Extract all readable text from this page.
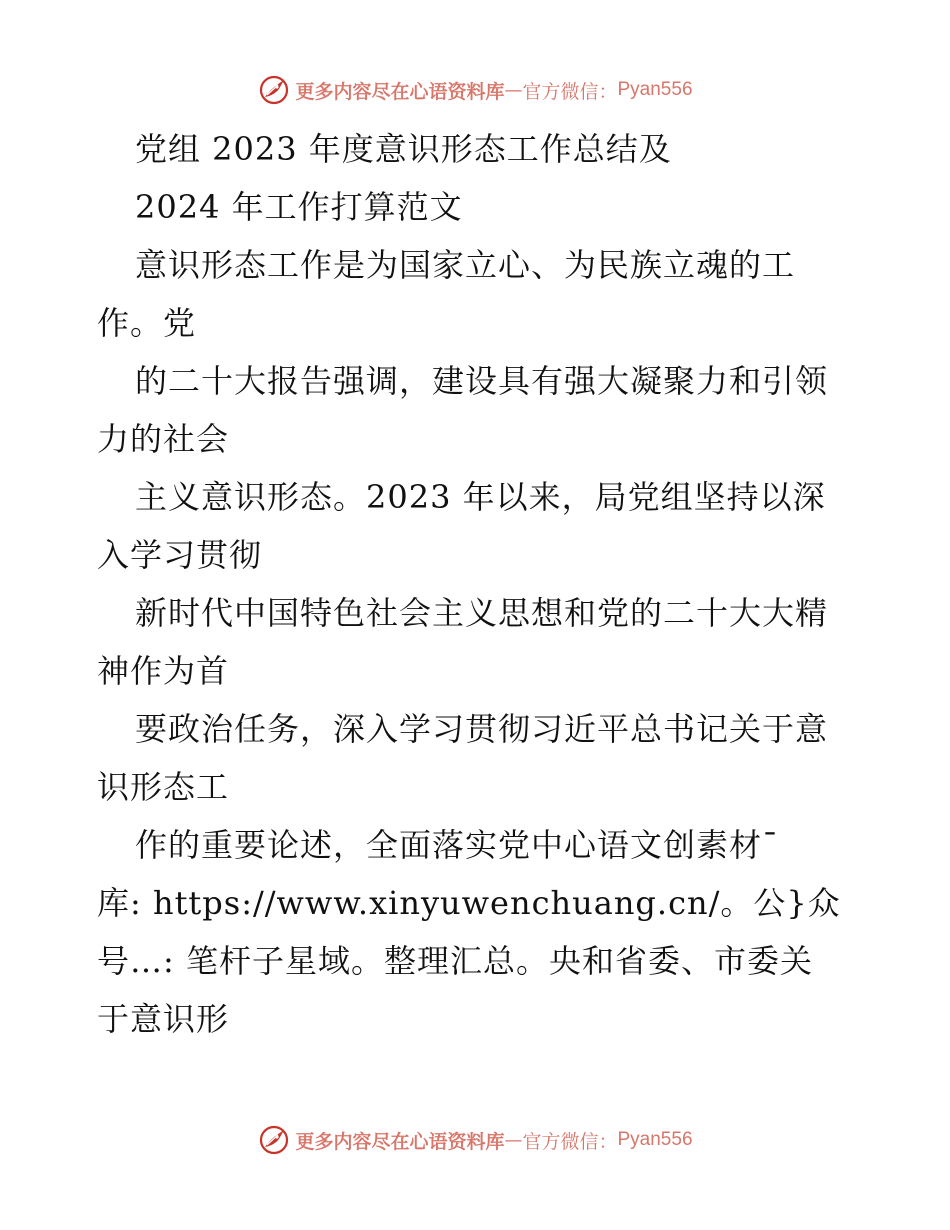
更多内容尽在心语资料库 — 官方微信： Pyan556
党组 2023 年度意识形态工作总结及
2024 年工作打算范文
意识形态工作是为国家立心、为民族立魂的工
作。党
的二十大报告强调，建设具有强大凝聚力和引领
力的社会
主义意识形态。2023 年以来，局党组坚持以深
入学习贯彻
新时代中国特色社会主义思想和党的二十大大精
神作为首
要政治任务，深入学习贯彻习近平总书记关于意
识形态工
作的重要论述，全面落实党中心语文创素材¯
库: https://www.xinyuwenchuang.cn/。公}众
号…: 笔杆子星域。整理汇总。央和省委、市委关
于意识形
更多内容尽在心语资料库 — 官方微信： Pyan556
